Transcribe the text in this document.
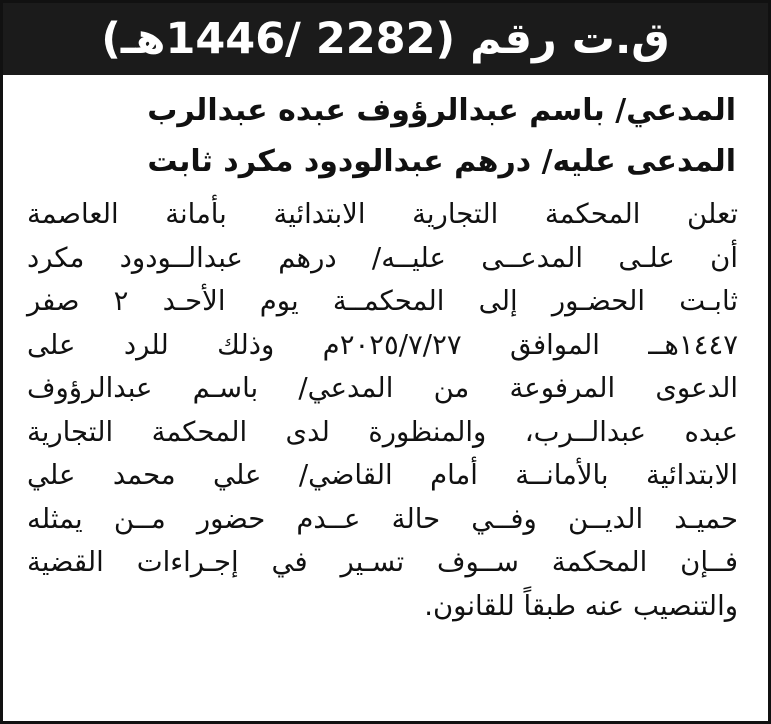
ق.ت رقم (2282 /1446هـ)
المدعي/ باسم عبدالرؤوف عبده عبدالرب
المدعى عليه/ درهم عبدالودود مكرد ثابت
تعلن المحكمة التجارية الابتدائية بأمانة العاصمة
أن علـى المدعــى عليــه/ درهم عبدالــودود مكرد
ثابـت الحضـور إلى المحكمــة يوم الأحـد ٢ صفر
١٤٤٧هــ الموافق ٢٠٢٥/٧/٢٧م وذلك للرد على
الدعوى المرفوعة من المدعي/ باسـم عبدالرؤوف
عبده عبدالــرب، والمنظورة لدى المحكمة التجارية
الابتدائية بالأمانــة أمام القاضي/ علي محمد علي
حميـد الديــن وفــي حالة عــدم حضور مــن يمثله
فــإن المحكمة ســوف تسـير في إجـراءات القضية
والتنصيب عنه طبقاً للقانون.
